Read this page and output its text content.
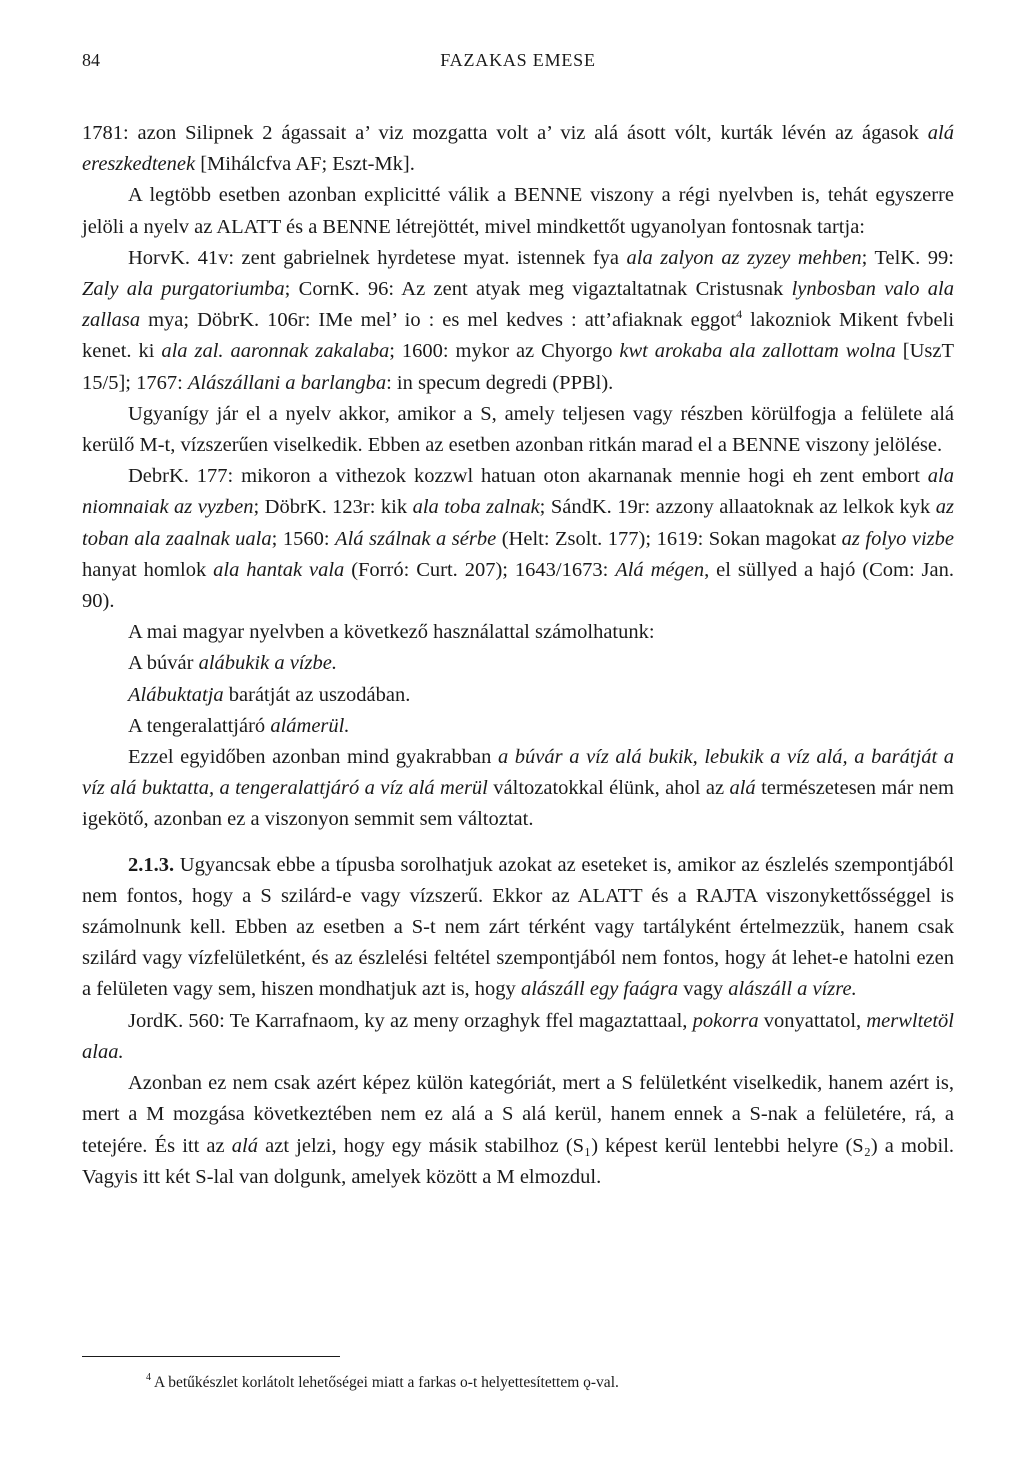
84	FAZAKAS EMESE

1781: azon Silipnek 2 ágassait a’ viz mozgatta volt a’ viz alá ásott vólt, kurták lévén az ágasok alá ereszkedtenek [Mihálcfva AF; Eszt-Mk].

A legtöbb esetben azonban explicitté válik a BENNE viszony a régi nyelvben is, tehát egyszerre jelöli a nyelv az ALATT és a BENNE létrejöttét, mivel mindkettőt ugyanolyan fontosnak tartja:

HorvK. 41v: zent gabrielnek hyrdetese myat. istennek fya ala zalyon az zyzey mehben; TelK. 99: Zaly ala purgatoriumba; CornK. 96: Az zent atyak meg vigaztaltatnak Cristusnak lynbosban valo ala zallasa mya; DöbrK. 106r: IMe mel’ io : es mel kedves : att’afiaknak eggot$^4$ lakozniok Mikent fvbeli kenet. ki ala zal. aaronnak zakalaba; 1600: mykor az Chyorgo kwt arokaba ala zallottam wolna [UszT 15/5]; 1767: Alászállani a barlangba: in specum degredi (PPBl).

Ugyanígy jár el a nyelv akkor, amikor a S, amely teljesen vagy részben körülfogja a felülete alá kerülő M-t, vízszerűen viselkedik. Ebben az esetben azonban ritkán marad el a BENNE viszony jelölése.

DebrK. 177: mikoron a vithezok kozzwl hatuan oton akarnanak mennie hogi eh zent embort ala niomnaiak az vyzben; DöbrK. 123r: kik ala toba zalnak; SándK. 19r: azzony allaatoknak az lelkok kyk az toban ala zaalnak uala; 1560: Alá szálnak a sérbe (Helt: Zsolt. 177); 1619: Sokan magokat az folyo vizbe hanyat homlok ala hantak vala (Forró: Curt. 207); 1643/1673: Alá mégen, el süllyed a hajó (Com: Jan. 90).

A mai magyar nyelvben a következő használattal számolhatunk:

A búvár alábukik a vízbe.

Alábuktatja barátját az uszodában.

A tengeralattjáró alámerül.

Ezzel egyidőben azonban mind gyakrabban a búvár a víz alá bukik, lebukik a víz alá, a barátját a víz alá buktatta, a tengeralattjáró a víz alá merül változatokkal élünk, ahol az alá természetesen már nem igekötő, azonban ez a viszonyon semmit sem változtat.

2.1.3. Ugyancsak ebbe a típusba sorolhatjuk azokat az eseteket is, amikor az észlelés szempontjából nem fontos, hogy a S szilárd-e vagy vízszerű. Ekkor az ALATT és a RAJTA viszonykettősséggel is számolnunk kell. Ebben az esetben a S-t nem zárt térként vagy tartályként értelmezzük, hanem csak szilárd vagy vízfelületként, és az észlelési feltétel szempontjából nem fontos, hogy át lehet-e hatolni ezen a felületen vagy sem, hiszen mondhatjuk azt is, hogy alászáll egy faágra vagy alászáll a vízre.

JordK. 560: Te Karrafnaom, ky az meny orzaghyk ffel magaztattaal, pokorra vonyattatol, merwltetöl alaa.

Azonban ez nem csak azért képez külön kategóriát, mert a S felületként viselkedik, hanem azért is, mert a M mozgása következtében nem ez alá a S alá kerül, hanem ennek a S-nak a felületére, rá, a tetejére. És itt az alá azt jelzi, hogy egy másik stabilhoz (S₁) képest kerül lentebbi helyre (S₂) a mobil. Vagyis itt két S-lal van dolgunk, amelyek között a M elmozdul.

$^4$ A betűkészlet korlátolt lehetőségei miatt a farkas o-t helyettesítettem ǫ-val.
